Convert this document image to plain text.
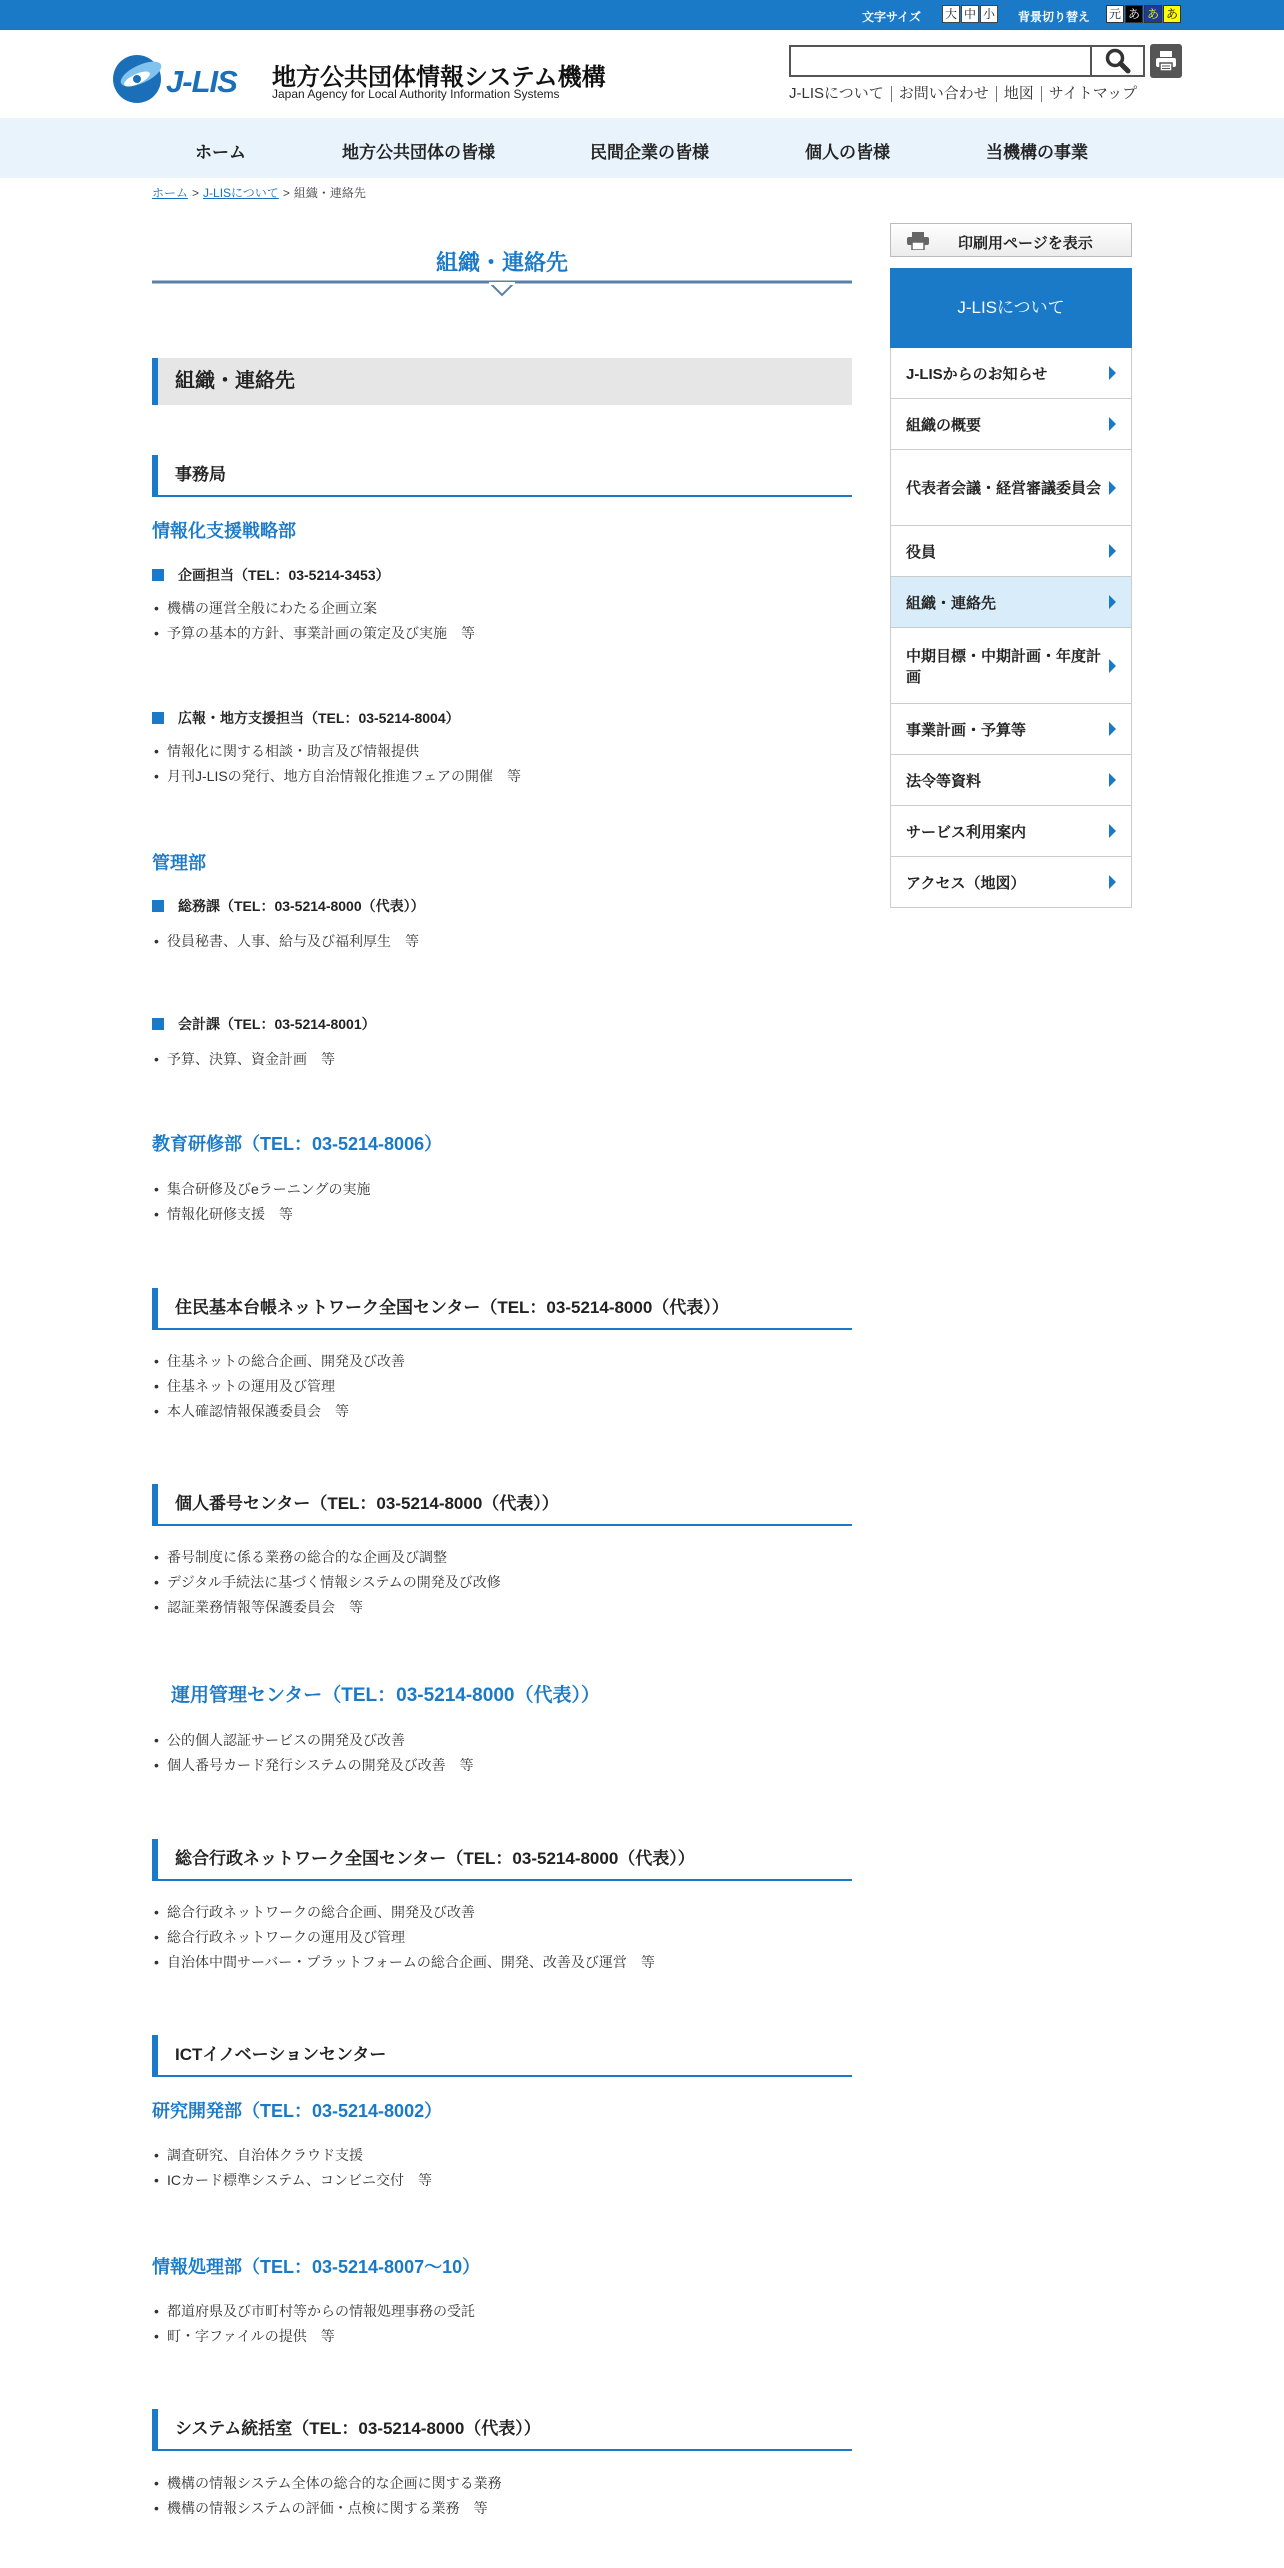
文字サイズ 大 中 小 背景切り替え 元 あ あ あ
J-LIS 地方公共団体情報システム機構
Japan Agency for Local Authority Information Systems	J-LISについて	お問い合わせ	地図	サイトマップ
ホーム	地方公共団体の皆様	民間企業の皆様	個人の皆様	当機構の事業
ホーム > J-LISについて > 組織・連絡先
組織・連絡先
組織・連絡先
事務局
情報化支援戦略部
企画担当（TEL：03-5214-3453）
• 機構の運営全般にわたる企画立案
• 予算の基本的方針、事業計画の策定及び実施　等
広報・地方支援担当（TEL：03-5214-8004）
• 情報化に関する相談・助言及び情報提供
• 月刊J-LISの発行、地方自治情報化推進フェアの開催　等
管理部
総務課（TEL：03-5214-8000（代表））
• 役員秘書、人事、給与及び福利厚生　等
会計課（TEL：03-5214-8001）
• 予算、決算、資金計画　等
教育研修部（TEL：03-5214-8006）
• 集合研修及びeラーニングの実施
• 情報化研修支援　等
住民基本台帳ネットワーク全国センター（TEL：03-5214-8000（代表））
• 住基ネットの総合企画、開発及び改善
• 住基ネットの運用及び管理
• 本人確認情報保護委員会　等
個人番号センター（TEL：03-5214-8000（代表））
• 番号制度に係る業務の総合的な企画及び調整
• デジタル手続法に基づく情報システムの開発及び改修
• 認証業務情報等保護委員会　等
運用管理センター（TEL：03-5214-8000（代表））
• 公的個人認証サービスの開発及び改善
• 個人番号カード発行システムの開発及び改善　等
総合行政ネットワーク全国センター（TEL：03-5214-8000（代表））
• 総合行政ネットワークの総合企画、開発及び改善
• 総合行政ネットワークの運用及び管理
• 自治体中間サーバー・プラットフォームの総合企画、開発、改善及び運営　等
ICTイノベーションセンター
研究開発部（TEL：03-5214-8002）
• 調査研究、自治体クラウド支援
• ICカード標準システム、コンビニ交付　等
情報処理部（TEL：03-5214-8007～10）
• 都道府県及び市町村等からの情報処理事務の受託
• 町・字ファイルの提供　等
システム統括室（TEL：03-5214-8000（代表））
• 機構の情報システム全体の総合的な企画に関する業務
• 機構の情報システムの評価・点検に関する業務　等
印刷用ページを表示
J-LISについて
J-LISからのお知らせ
組織の概要
代表者会議・経営審議委員会
役員
組織・連絡先
中期目標・中期計画・年度計画
事業計画・予算等
法令等資料
サービス利用案内
アクセス（地図）
